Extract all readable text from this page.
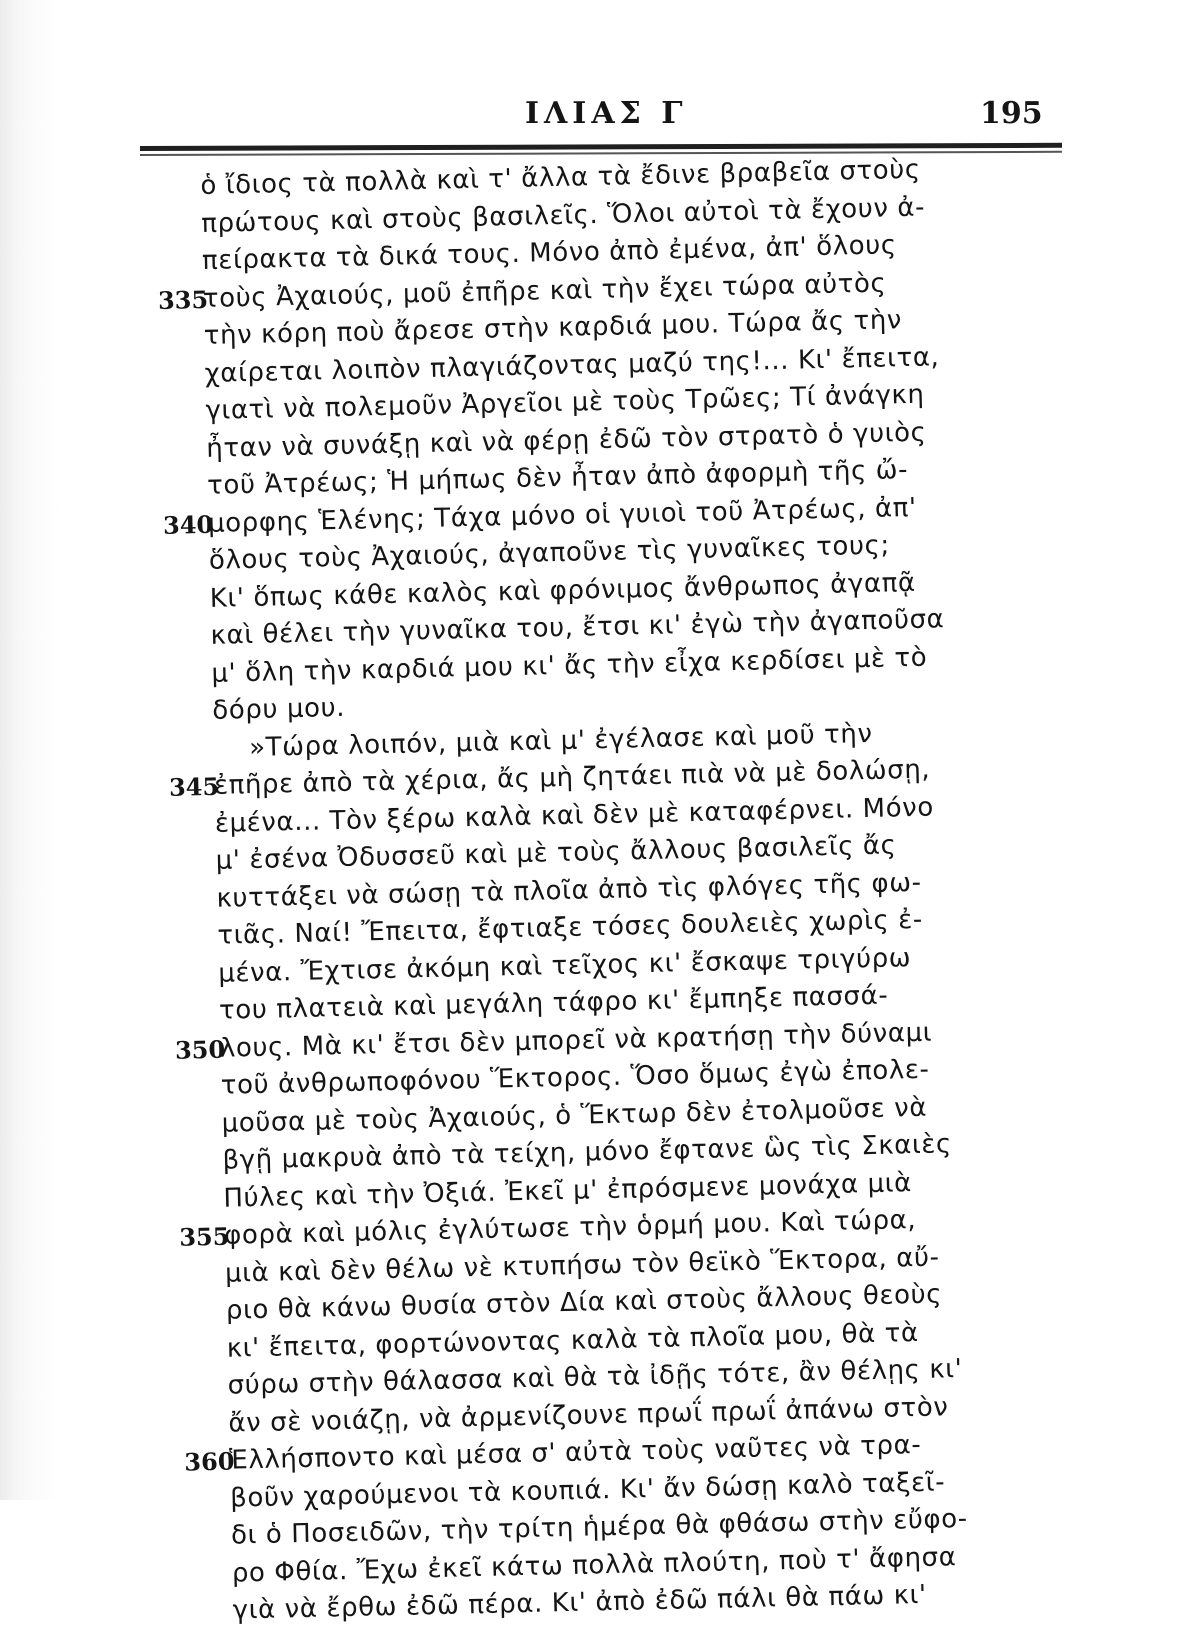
ΙΛΙΑΣ Γ	195
ὁ ἴδιος τὰ πολλὰ καὶ τ' ἄλλα τὰ ἔδινε βραβεῖα στοὺς
πρώτους καὶ στοὺς βασιλεῖς. Ὅλοι αὐτοὶ τὰ ἔχουν ἀ-
πείρακτα τὰ δικά τους. Μόνο ἀπὸ ἐμένα, ἀπ' ὅλους
335
τοὺς Ἀχαιούς, μοῦ ἐπῆρε καὶ τὴν ἔχει τώρα αὐτὸς
τὴν κόρη ποὺ ἄρεσε στὴν καρδιά μου. Τώρα ἄς τὴν
χαίρεται λοιπὸν πλαγιάζοντας μαζύ της!... Κι' ἔπειτα,
γιατὶ νὰ πολεμοῦν Ἀργεῖοι μὲ τοὺς Τρῶες; Τί ἀνάγκη
ἦταν νὰ συνάξῃ καὶ νὰ φέρῃ ἐδῶ τὸν στρατὸ ὁ γυιὸς
τοῦ Ἀτρέως; Ἡ μήπως δὲν ἦταν ἀπὸ ἀφορμὴ τῆς ὤ-
340
μορφης Ἑλένης; Τάχα μόνο οἱ γυιοὶ τοῦ Ἀτρέως, ἀπ'
ὅλους τοὺς Ἀχαιούς, ἀγαποῦνε τὶς γυναῖκες τους;
Κι' ὅπως κάθε καλὸς καὶ φρόνιμος ἄνθρωπος ἀγαπᾷ
καὶ θέλει τὴν γυναῖκα του, ἔτσι κι' ἐγὼ τὴν ἀγαποῦσα
μ' ὅλη τὴν καρδιά μου κι' ἄς τὴν εἶχα κερδίσει μὲ τὸ
δόρυ μου.
»Τώρα λοιπόν, μιὰ καὶ μ' ἐγέλασε καὶ μοῦ τὴν
345
ἐπῆρε ἀπὸ τὰ χέρια, ἄς μὴ ζητάει πιὰ νὰ μὲ δολώσῃ,
ἐμένα... Τὸν ξέρω καλὰ καὶ δὲν μὲ καταφέρνει. Μόνο
μ' ἐσένα Ὀδυσσεῦ καὶ μὲ τοὺς ἄλλους βασιλεῖς ἄς
κυττάξει νὰ σώσῃ τὰ πλοῖα ἀπὸ τὶς φλόγες τῆς φω-
τιᾶς. Ναί! Ἔπειτα, ἔφτιαξε τόσες δουλειὲς χωρὶς ἐ-
μένα. Ἔχτισε ἀκόμη καὶ τεῖχος κι' ἔσκαψε τριγύρω
του πλατειὰ καὶ μεγάλη τάφρο κι' ἔμπηξε πασσά-
350
λους. Μὰ κι' ἔτσι δὲν μπορεῖ νὰ κρατήσῃ τὴν δύναμι
τοῦ ἀνθρωποφόνου Ἕκτορος. Ὅσο ὅμως ἐγὼ ἐπολε-
μοῦσα μὲ τοὺς Ἀχαιούς, ὁ Ἕκτωρ δὲν ἐτολμοῦσε νὰ
βγῇ μακρυὰ ἀπὸ τὰ τείχη, μόνο ἔφτανε ὣς τὶς Σκαιὲς
Πύλες καὶ τὴν Ὀξιά. Ἐκεῖ μ' ἐπρόσμενε μονάχα μιὰ
355
φορὰ καὶ μόλις ἐγλύτωσε τὴν ὁρμή μου. Καὶ τώρα,
μιὰ καὶ δὲν θέλω νὲ κτυπήσω τὸν θεϊκὸ Ἕκτορα, αὔ-
ριο θὰ κάνω θυσία στὸν Δία καὶ στοὺς ἄλλους θεοὺς
κι' ἔπειτα, φορτώνοντας καλὰ τὰ πλοῖα μου, θὰ τὰ
σύρω στὴν θάλασσα καὶ θὰ τὰ ἰδῇς τότε, ἂν θέλῃς κι'
ἄν σὲ νοιάζῃ, νὰ ἀρμενίζουνε πρωΐ πρωΐ ἀπάνω στὸν
360
Ἑλλήσποντο καὶ μέσα σ' αὐτὰ τοὺς ναῦτες νὰ τρα-
βοῦν χαρούμενοι τὰ κουπιά. Κι' ἄν δώσῃ καλὸ ταξεῖ-
δι ὁ Ποσειδῶν, τὴν τρίτη ἡμέρα θὰ φθάσω στὴν εὔφο-
ρο Φθία. Ἔχω ἐκεῖ κάτω πολλὰ πλούτη, ποὺ τ' ἄφησα
γιὰ νὰ ἔρθω ἐδῶ πέρα. Κι' ἀπὸ ἐδῶ πάλι θὰ πάω κι'
